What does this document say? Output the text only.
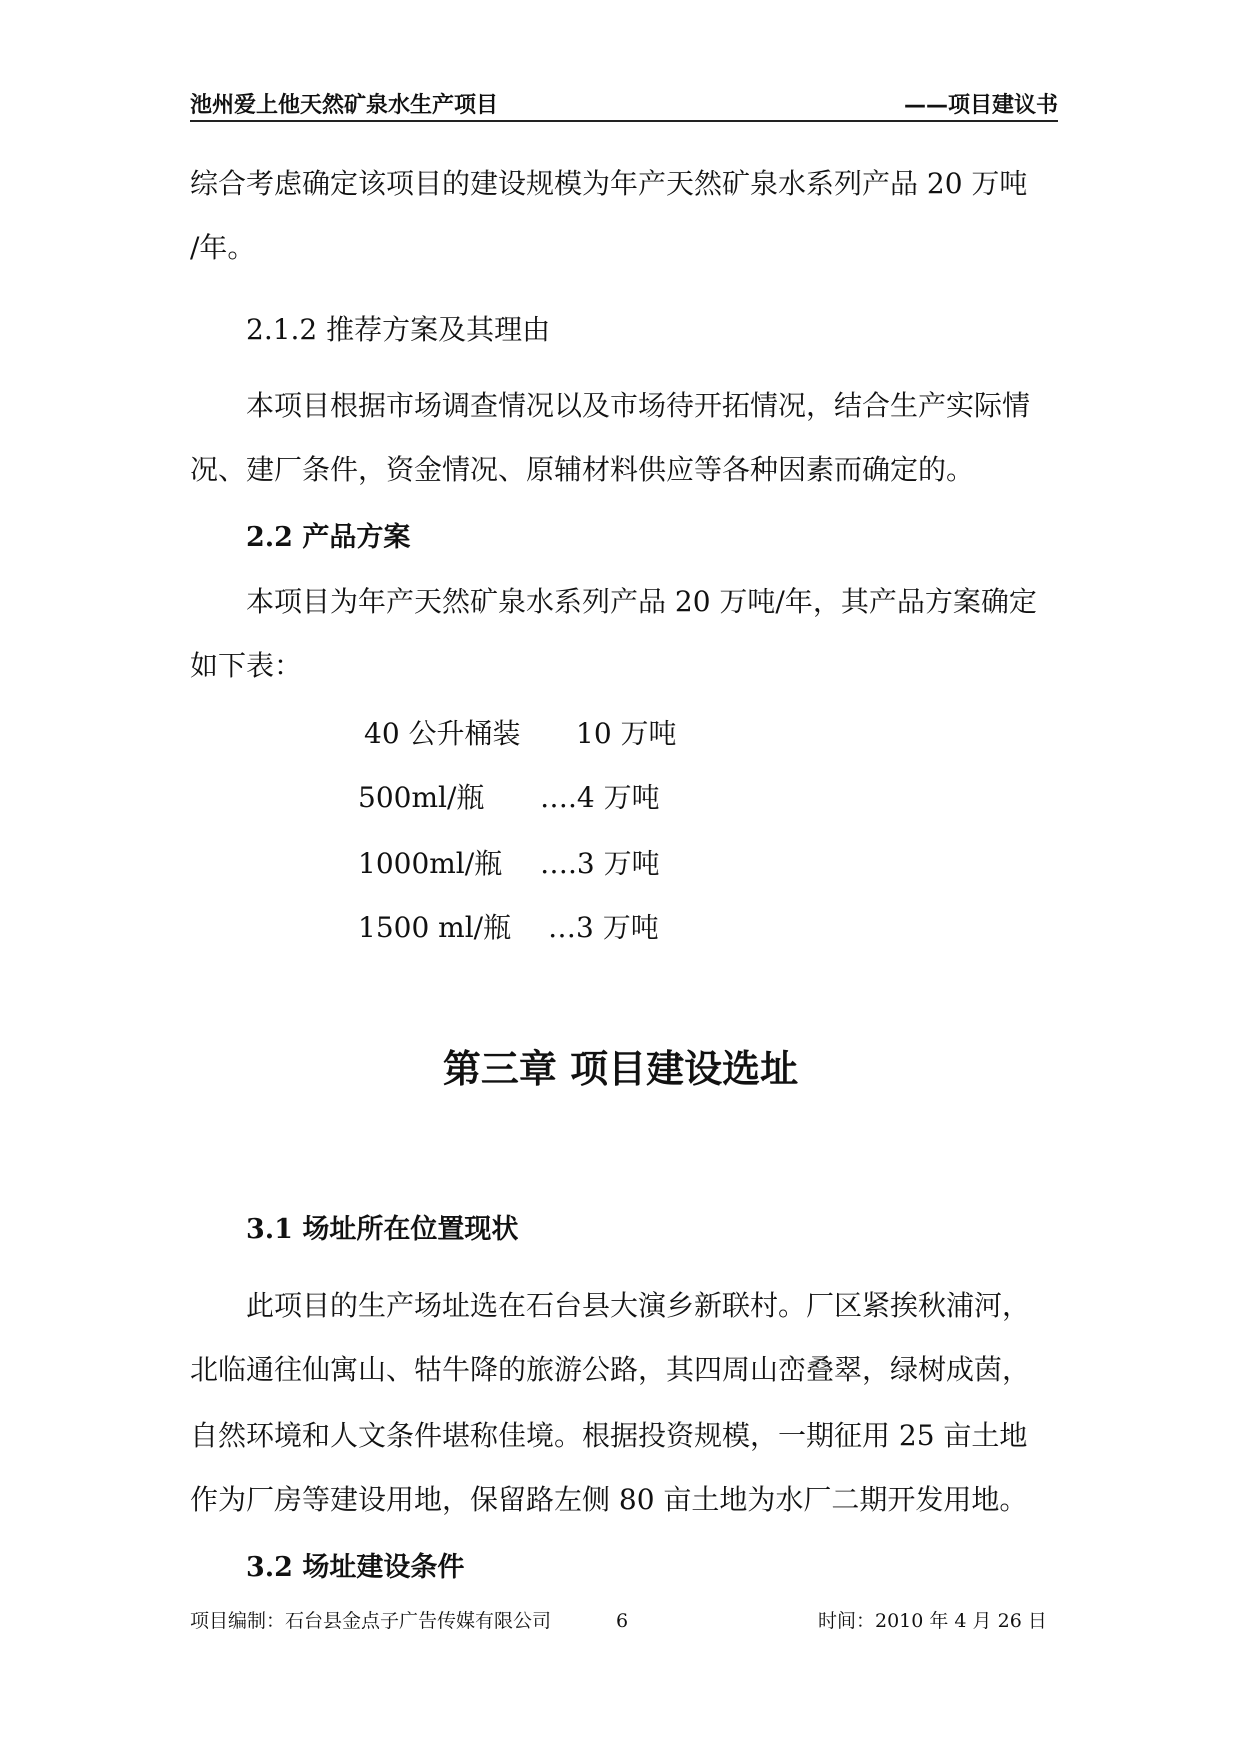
池州爱上他天然矿泉水生产项目	——项目建议书
综合考虑确定该项目的建设规模为年产天然矿泉水系列产品 20 万吨
/年。
2.1.2 推荐方案及其理由
本项目根据市场调查情况以及市场待开拓情况，结合生产实际情
况、建厂条件，资金情况、原辅材料供应等各种因素而确定的。
2.2 产品方案
本项目为年产天然矿泉水系列产品 20 万吨/年，其产品方案确定
如下表：
40 公升桶装 10 万吨
500ml/瓶 ….4 万吨
1000ml/瓶 ….3 万吨
1500 ml/瓶 …3 万吨
第三章 项目建设选址
3.1 场址所在位置现状
此项目的生产场址选在石台县大演乡新联村。厂区紧挨秋浦河，
北临通往仙寓山、牯牛降的旅游公路，其四周山峦叠翠，绿树成茵，
自然环境和人文条件堪称佳境。根据投资规模，一期征用 25 亩土地
作为厂房等建设用地，保留路左侧 80 亩土地为水厂二期开发用地。
3.2 场址建设条件
项目编制：石台县金点子广告传媒有限公司	6	时间：2010 年 4 月 26 日
